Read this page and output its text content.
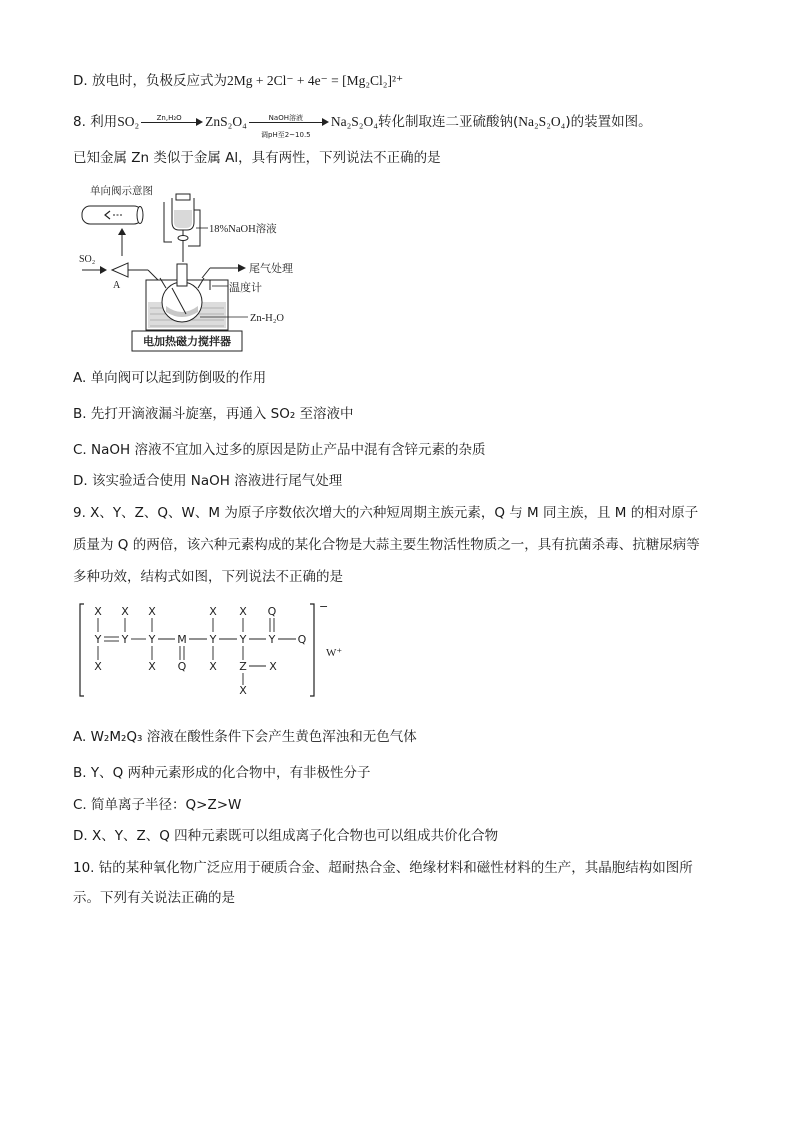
D. 放电时，负极反应式为2Mg + 2Cl⁻ + 4e⁻ = [Mg₂Cl₂]²⁺
8. 利用SO₂	Zn,H₂O	ZnS₂O₄	NaOH溶液
调pH至2~10.5
Na₂S₂O₄转化制取连二亚硫酸钠(Na₂S₂O₄)的装置如图。
已知金属 Zn 类似于金属 Al，具有两性，下列说法不正确的是
单向阀示意图
SO₂
A
18%NaOH溶液
尾气处理
温度计
Zn-H₂O
电加热磁力搅拌器
A. 单向阀可以起到防倒吸的作用
B. 先打开滴液漏斗旋塞，再通入 SO₂ 至溶液中
C. NaOH 溶液不宜加入过多的原因是防止产品中混有含锌元素的杂质
D. 该实验适合使用 NaOH 溶液进行尾气处理
9. X、Y、Z、Q、W、M 为原子序数依次增大的六种短周期主族元素，Q 与 M 同主族，且 M 的相对原子
质量为 Q 的两倍，该六种元素构成的某化合物是大蒜主要生物活性物质之一，具有抗菌杀毒、抗糖尿病等
多种功效，结构式如图，下列说法不正确的是
X X X	X X Q
Y Y Y M Y Y Y Q
X	X Q X Z X
X
−
W⁺
A. W₂M₂Q₃ 溶液在酸性条件下会产生黄色浑浊和无色气体
B. Y、Q 两种元素形成的化合物中，有非极性分子
C. 简单离子半径：Q>Z>W
D. X、Y、Z、Q 四种元素既可以组成离子化合物也可以组成共价化合物
10. 钴的某种氧化物广泛应用于硬质合金、超耐热合金、绝缘材料和磁性材料的生产，其晶胞结构如图所
示。下列有关说法正确的是
